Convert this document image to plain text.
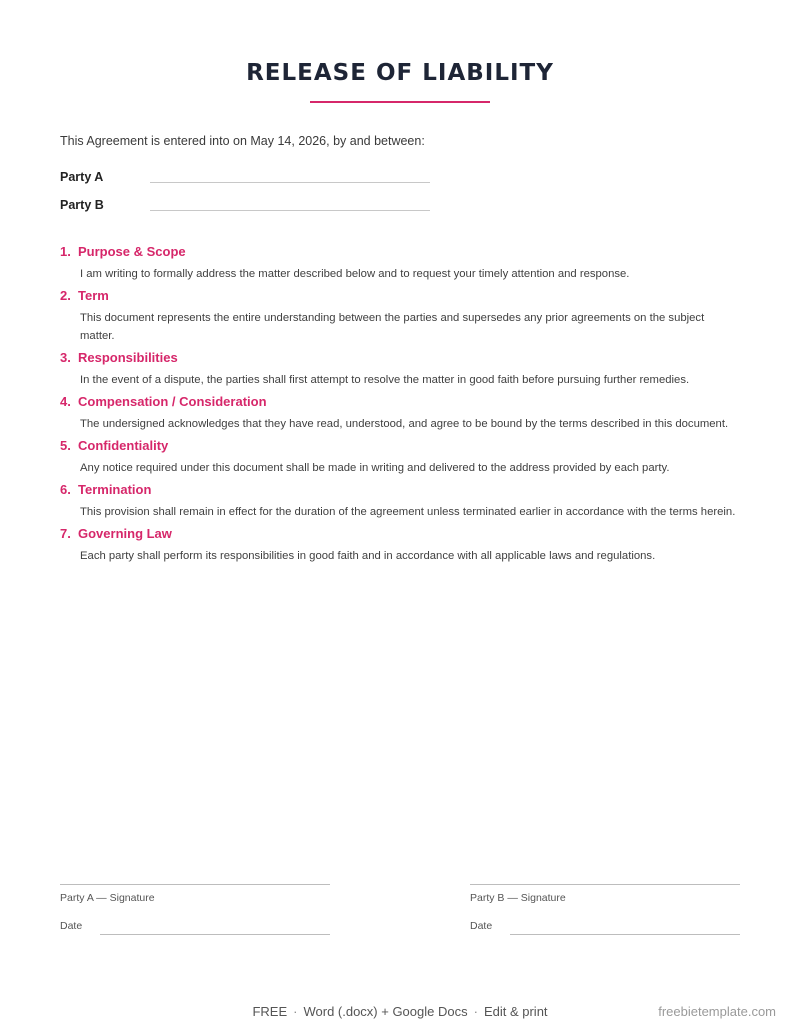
RELEASE OF LIABILITY
This Agreement is entered into on May 14, 2026, by and between:
Party A
Party B
1. Purpose & Scope
I am writing to formally address the matter described below and to request your timely attention and response.
2. Term
This document represents the entire understanding between the parties and supersedes any prior agreements on the subject matter.
3. Responsibilities
In the event of a dispute, the parties shall first attempt to resolve the matter in good faith before pursuing further remedies.
4. Compensation / Consideration
The undersigned acknowledges that they have read, understood, and agree to be bound by the terms described in this document.
5. Confidentiality
Any notice required under this document shall be made in writing and delivered to the address provided by each party.
6. Termination
This provision shall remain in effect for the duration of the agreement unless terminated earlier in accordance with the terms herein.
7. Governing Law
Each party shall perform its responsibilities in good faith and in accordance with all applicable laws and regulations.
Party A — Signature
Date
Party B — Signature
Date
FREE · Word (.docx) + Google Docs · Edit & print	freebietemplate.com
